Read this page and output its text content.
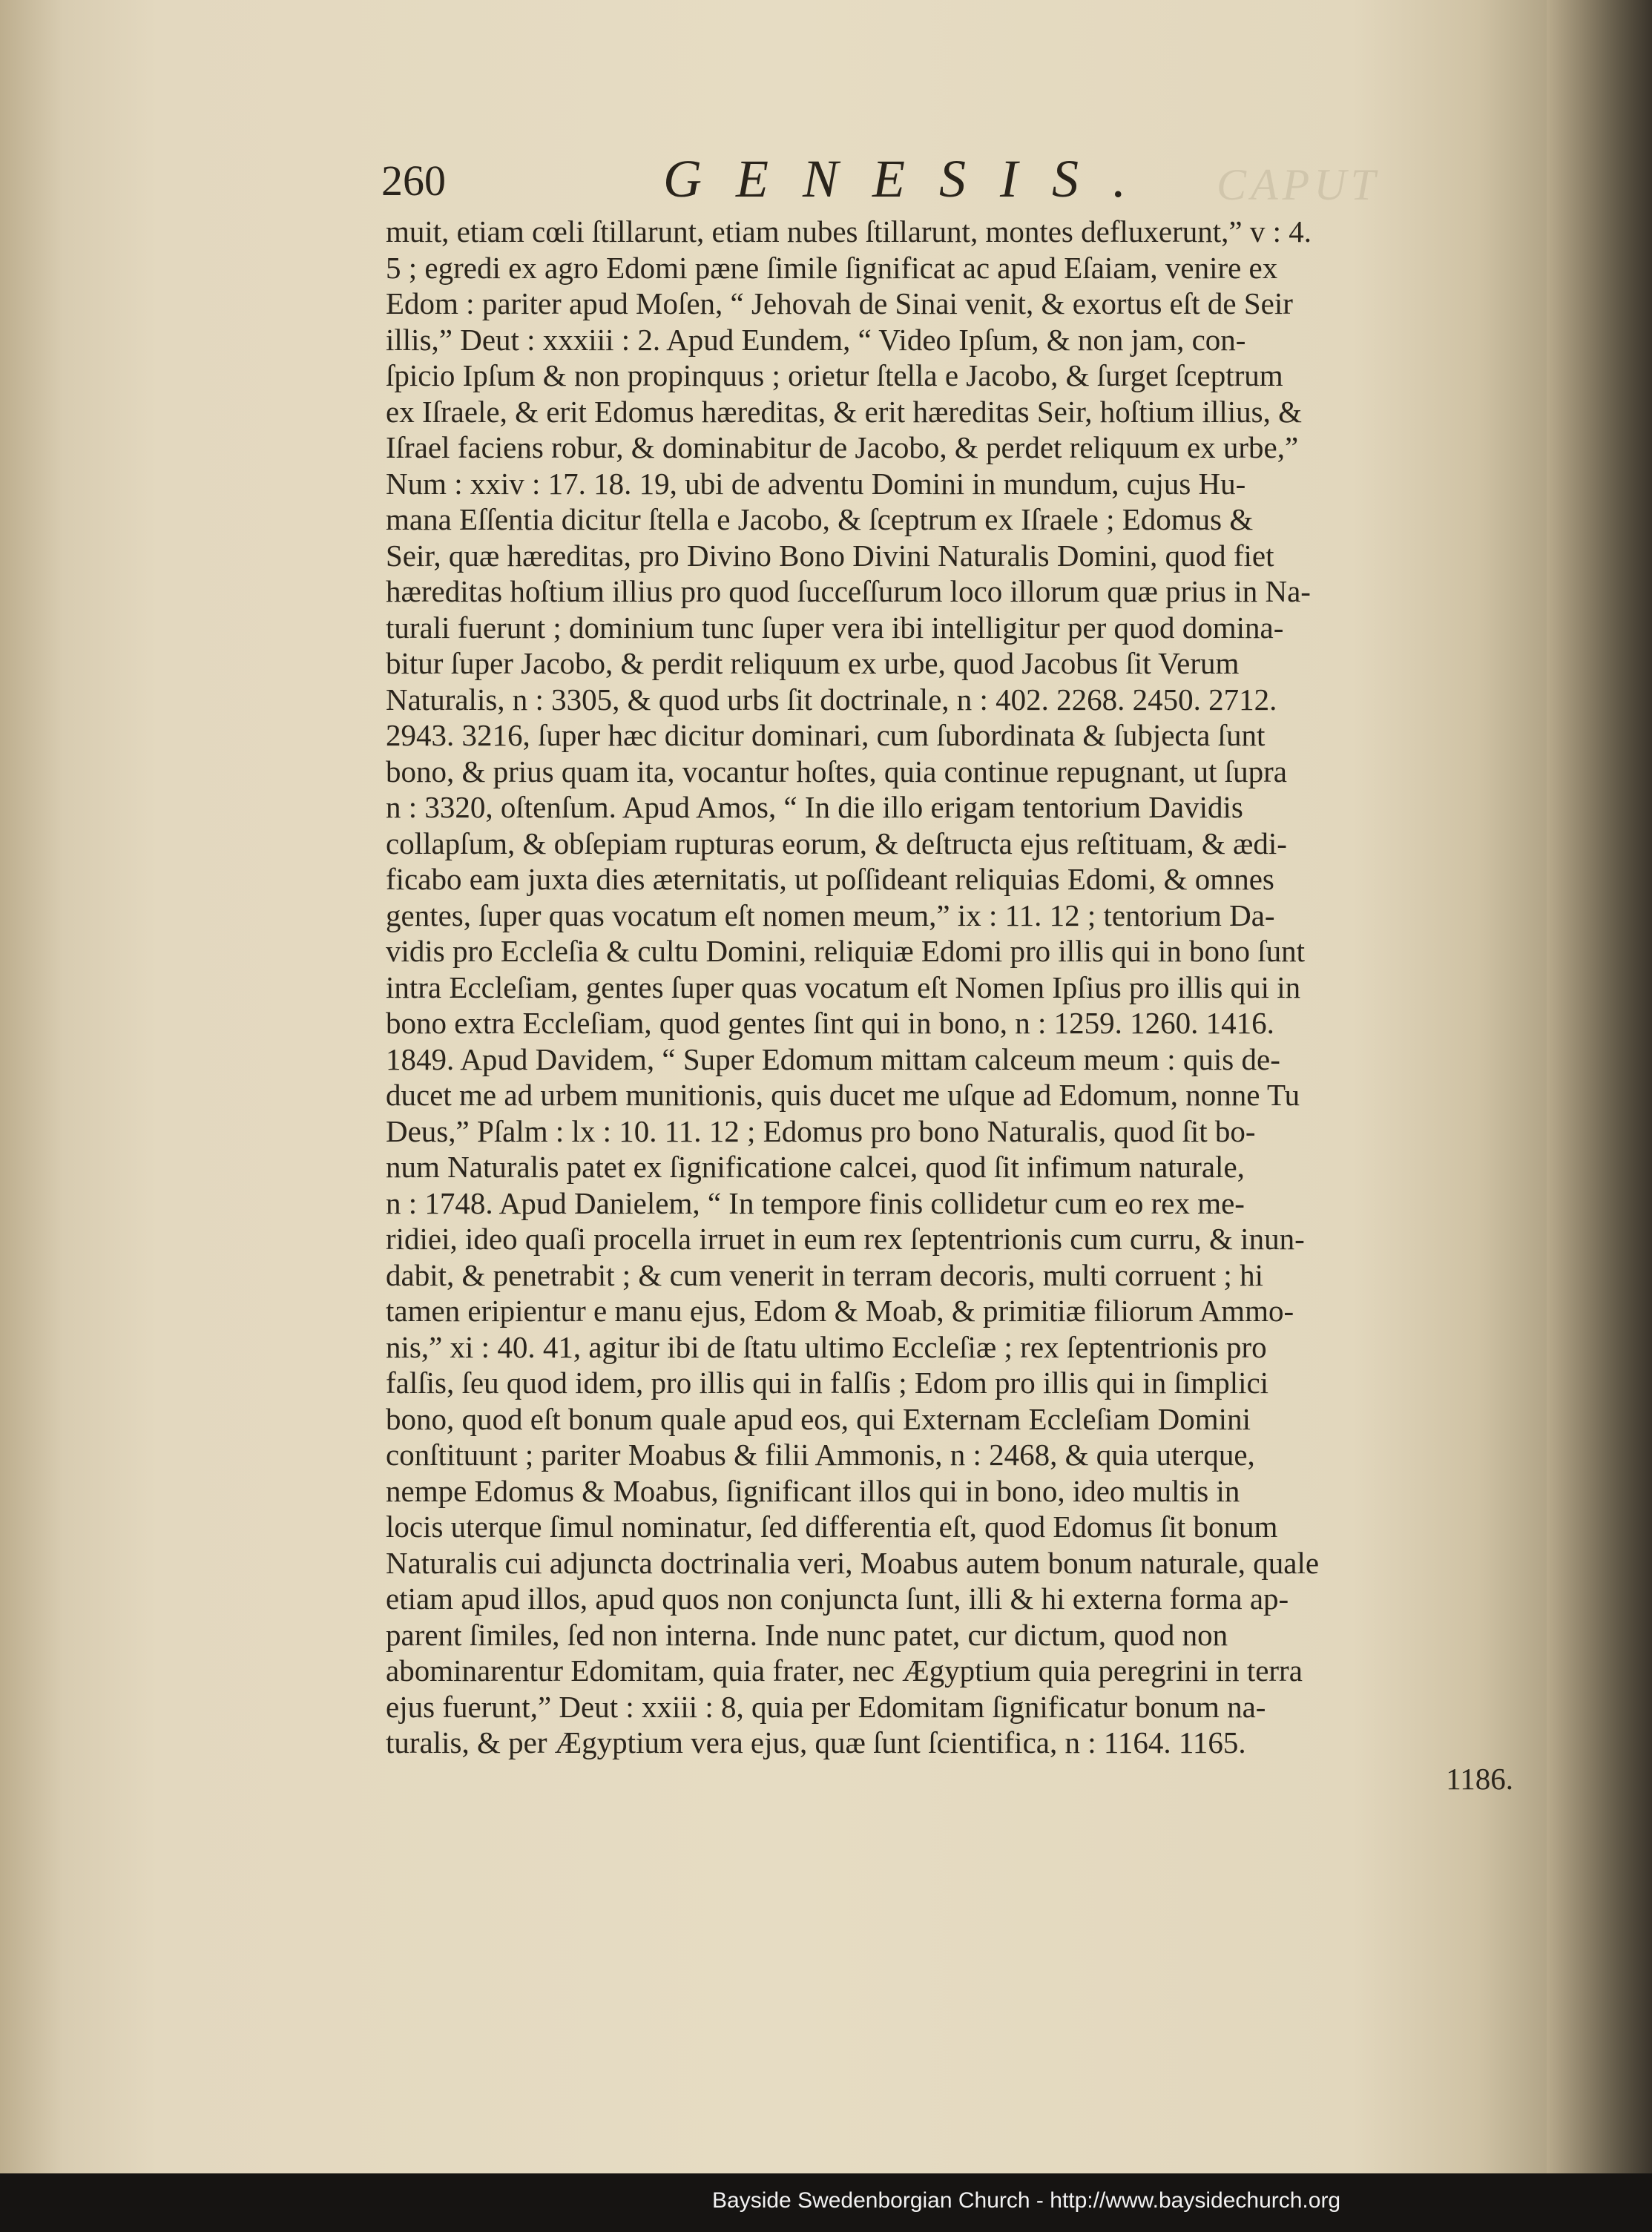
CAPUT
260	GENESIS.
muit, etiam cœli ſtillarunt, etiam nubes ſtillarunt, montes defluxerunt,” v : 4.
5 ; egredi ex agro Edomi pæne ſimile ſignificat ac apud Eſaiam, venire ex
Edom : pariter apud Moſen, “ Jehovah de Sinai venit, & exortus eſt de Seir
illis,” Deut : xxxiii : 2. Apud Eundem, “ Video Ipſum, & non jam, con-
ſpicio Ipſum & non propinquus ; orietur ſtella e Jacobo, & ſurget ſceptrum
ex Iſraele, & erit Edomus hæreditas, & erit hæreditas Seir, hoſtium illius, &
Iſrael faciens robur, & dominabitur de Jacobo, & perdet reliquum ex urbe,”
Num : xxiv : 17. 18. 19, ubi de adventu Domini in mundum, cujus Hu-
mana Eſſentia dicitur ſtella e Jacobo, & ſceptrum ex Iſraele ; Edomus &
Seir, quæ hæreditas, pro Divino Bono Divini Naturalis Domini, quod fiet
hæreditas hoſtium illius pro quod ſucceſſurum loco illorum quæ prius in Na-
turali fuerunt ; dominium tunc ſuper vera ibi intelligitur per quod domina-
bitur ſuper Jacobo, & perdit reliquum ex urbe, quod Jacobus ſit Verum
Naturalis, n : 3305, & quod urbs ſit doctrinale, n : 402. 2268. 2450. 2712.
2943. 3216, ſuper hæc dicitur dominari, cum ſubordinata & ſubjecta ſunt
bono, & prius quam ita, vocantur hoſtes, quia continue repugnant, ut ſupra
n : 3320, oſtenſum. Apud Amos, “ In die illo erigam tentorium Davidis
collapſum, & obſepiam rupturas eorum, & deſtructa ejus reſtituam, & ædi-
ficabo eam juxta dies æternitatis, ut poſſideant reliquias Edomi, & omnes
gentes, ſuper quas vocatum eſt nomen meum,” ix : 11. 12 ; tentorium Da-
vidis pro Eccleſia & cultu Domini, reliquiæ Edomi pro illis qui in bono ſunt
intra Eccleſiam, gentes ſuper quas vocatum eſt Nomen Ipſius pro illis qui in
bono extra Eccleſiam, quod gentes ſint qui in bono, n : 1259. 1260. 1416.
1849. Apud Davidem, “ Super Edomum mittam calceum meum : quis de-
ducet me ad urbem munitionis, quis ducet me uſque ad Edomum, nonne Tu
Deus,” Pſalm : lx : 10. 11. 12 ; Edomus pro bono Naturalis, quod ſit bo-
num Naturalis patet ex ſignificatione calcei, quod ſit infimum naturale,
n : 1748. Apud Danielem, “ In tempore finis collidetur cum eo rex me-
ridiei, ideo quaſi procella irruet in eum rex ſeptentrionis cum curru, & inun-
dabit, & penetrabit ; & cum venerit in terram decoris, multi corruent ; hi
tamen eripientur e manu ejus, Edom & Moab, & primitiæ filiorum Ammo-
nis,” xi : 40. 41, agitur ibi de ſtatu ultimo Eccleſiæ ; rex ſeptentrionis pro
falſis, ſeu quod idem, pro illis qui in falſis ; Edom pro illis qui in ſimplici
bono, quod eſt bonum quale apud eos, qui Externam Eccleſiam Domini
conſtituunt ; pariter Moabus & filii Ammonis, n : 2468, & quia uterque,
nempe Edomus & Moabus, ſignificant illos qui in bono, ideo multis in
locis uterque ſimul nominatur, ſed differentia eſt, quod Edomus ſit bonum
Naturalis cui adjuncta doctrinalia veri, Moabus autem bonum naturale, quale
etiam apud illos, apud quos non conjuncta ſunt, illi & hi externa forma ap-
parent ſimiles, ſed non interna. Inde nunc patet, cur dictum, quod non
abominarentur Edomitam, quia frater, nec Ægyptium quia peregrini in terra
ejus fuerunt,” Deut : xxiii : 8, quia per Edomitam ſignificatur bonum na-
turalis, & per Ægyptium vera ejus, quæ ſunt ſcientifica, n : 1164. 1165.
1186.
Bayside Swedenborgian Church - http://www.baysidechurch.org
